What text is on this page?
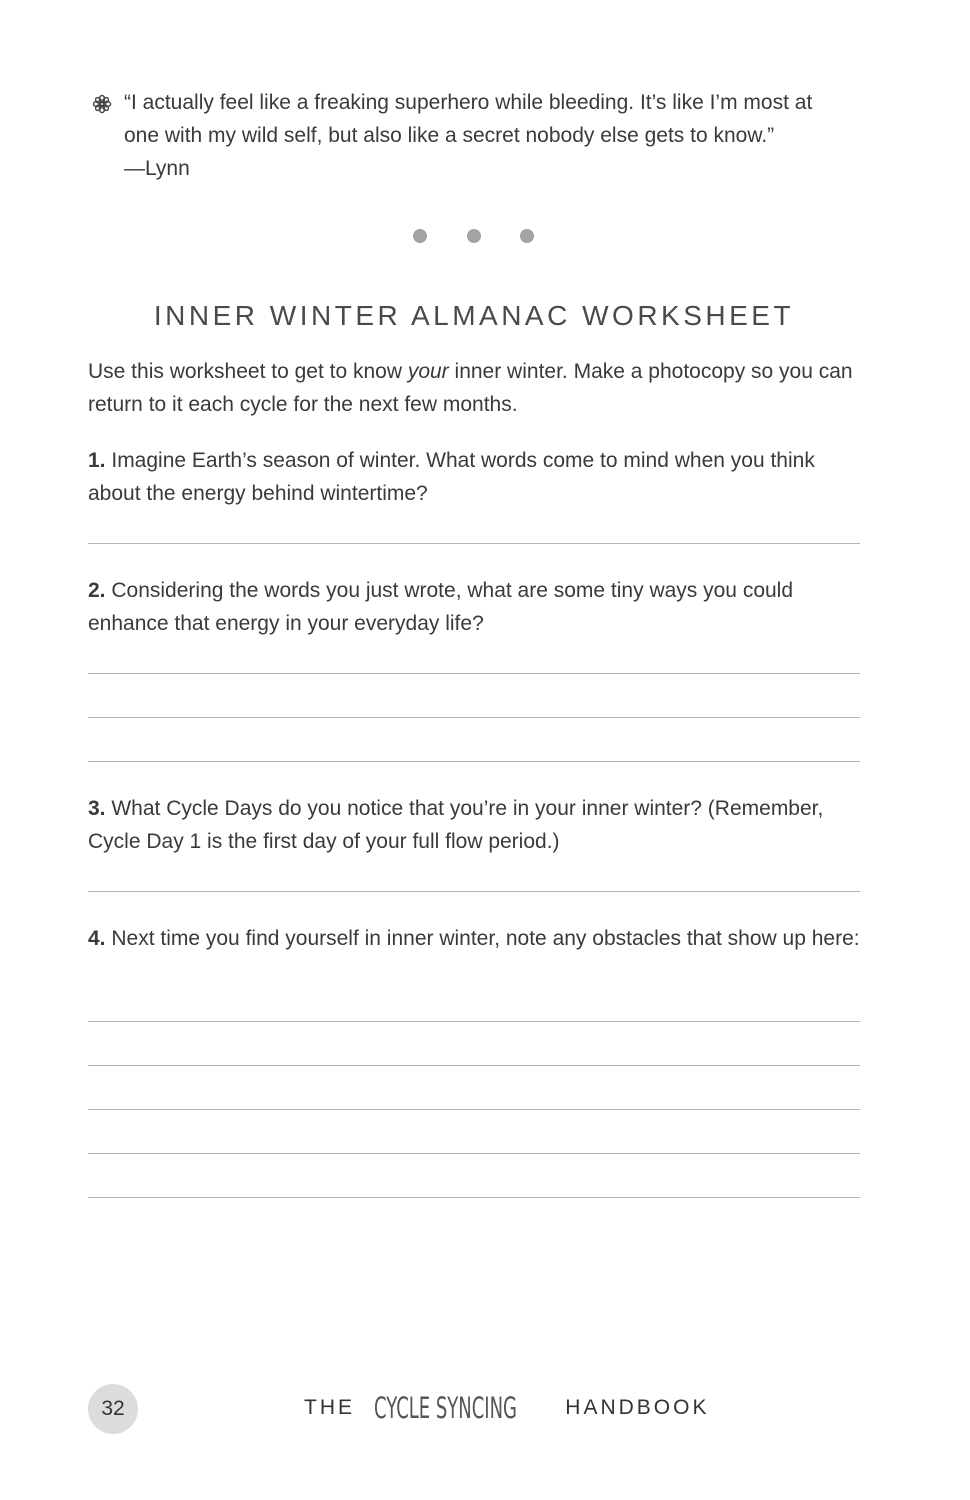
“I actually feel like a freaking superhero while bleeding. It’s like I’m most at one with my wild self, but also like a secret nobody else gets to know.”
—Lynn
INNER WINTER ALMANAC WORKSHEET
Use this worksheet to get to know your inner winter. Make a photocopy so you can return to it each cycle for the next few months.
1. Imagine Earth’s season of winter. What words come to mind when you think about the energy behind wintertime?
2. Considering the words you just wrote, what are some tiny ways you could enhance that energy in your everyday life?
3. What Cycle Days do you notice that you’re in your inner winter? (Remember, Cycle Day 1 is the first day of your full flow period.)
4. Next time you find yourself in inner winter, note any obstacles that show up here:
32	THE CYCLE SYNCING HANDBOOK
